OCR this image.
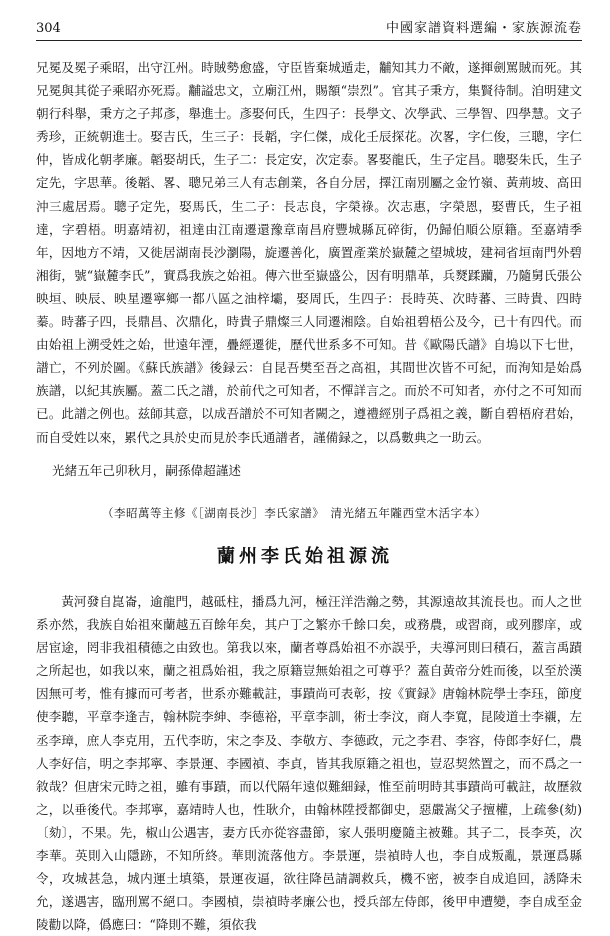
304	中國家譜資料選編・家族源流卷

兄冕及冕子乘昭，出守江州。時賊勢愈盛，守臣皆棄城遁走，黼知其力不敵，遂揮劍罵賊而死。其兄冕與其從子乘昭亦死焉。黼謚忠文，立廟江州，賜額“崇烈”。官其子秉方，集賢待制。洎明建文朝行科舉，秉方之子邦彥，舉進士。彥娶何氏，生四子：長學文、次學武、三學智、四學慧。文子秀珍，正統朝進士。娶吉氏，生三子：長韜，字仁傑，成化壬辰探花。次畧，字仁俊，三聰，字仁仲，皆成化朝孝廉。韜娶胡氏，生子二：長定安，次定泰。畧娶龍氏，生子定昌。聰娶朱氏，生子定先，字思華。後韜、畧、聰兄弟三人有志創業，各自分居，擇江南別屬之金竹嶺、黃荊坡、高田沖三處居焉。聰子定先，娶馬氏，生二子：長志良，字榮祿。次志惠，字榮恩，娶曹氏，生子祖達，字碧梧。明嘉靖初，祖達由江南遷還豫章南昌府豐城縣瓦碎街，仍歸伯順公原籍。至嘉靖季年，因地方不靖，又徙居湖南長沙瀏陽，旋遷善化，廣置產業於嶽麓之望城坡，建祠省垣南門外碧湘街，號“嶽麓李氏”，實爲我族之始祖。傳六世至嶽盛公，因有明鼎革，兵燹蹂躪，乃隨舅氏張公映垣、映辰、映星遷寧鄉一都八區之油梓壩，娶周氏，生四子：長時英、次時蕃、三時貴、四時蓁。時蕃子四，長鼎昌、次鼎化，時貴子鼎燦三人同遷湘陰。自始祖碧梧公及今，已十有四代。而由始祖上溯受姓之始，世遠年湮，疊經遷徙，歷代世系多不可知。昔《歐陽氏譜》自塢以下七世，譜亡，不列於圖。《蘇氏族譜》後録云：自昆吾樊至吾之高祖，其間世次皆不可紀，而洵知是始爲族譜，以紀其族屬。蓋二氏之譜，於前代之可知者，不憚詳言之。而於不可知者，亦付之不可知而已。此譜之例也。兹師其意，以成吾譜於不可知者闕之，遵禮經別子爲祖之義，斷自碧梧府君始，而自受姓以來，累代之具於史而見於李氏通譜者，謹備録之，以爲數典之一助云。

光緒五年己卯秋月，嗣孫偉超謹述
（李昭萬等主修《［湖南長沙］李氏家譜》　清光緒五年隴西堂木活字本）
蘭州李氏始祖源流

黃河發自崑崙，逾龍門，越砥柱，播爲九河，極汪洋浩瀚之勢，其源遠故其流長也。而人之世系亦然，我族自始祖來蘭越五百餘年矣，其户丁之繁亦千餘口矣，或務農，或習商，或列膠庠，或居宦途，罔非我祖積德之由致也。第我以來，蘭者尊爲始祖不亦誤乎，夫導河則曰積石，蓋言禹蹟之所起也，如我以來，蘭之祖爲始祖，我之原籍豈無始祖之可尊乎？蓋自黃帝分姓而後，以至於漢因無可考，惟有據而可考者，世系亦難載註，事蹟尚可表彰，按《實録》唐翰林院學士李珏，節度使李聽，平章李逢吉，翰林院李紳、李德裕，平章李訓，術士李汶，商人李寬，昆陵道士李襯，左丞李璋，庶人李克用，五代李昉，宋之李及、李敬方、李德政，元之李君、李容，侍郎李好仁，農人李好信，明之李邦寧、李景運、李國禎、李貞，皆其我原籍之祖也，豈忍契然置之，而不爲之一敘哉？但唐宋元時之祖，雖有事蹟，而以代隔年遠似難細録，惟至前明時其事蹟尚可載註，故歷敘之，以垂後代。李邦寧，嘉靖時人也，性耿介，由翰林陞授都御史，惡嚴嵩父子擅權，上疏參(劾)〔劾〕，不果。先，椒山公遇害，妻方氏亦從容盡節，家人張明慶隨主被難。其子二，長李英，次李華。英則入山隱跡，不知所終。華則流落他方。李景運，崇禎時人也，李自成叛亂，景運爲縣令，攻城甚急，城内運土填築，景運夜逼，欲往降邑請調救兵，機不密，被李自成追回，誘降未允，遂遇害，臨刑罵不絕口。李國楨，崇禎時孝廉公也，授兵部左侍郎，後甲申遭變，李自成至金陵勸以降，僞應曰：“降則不難，須依我
